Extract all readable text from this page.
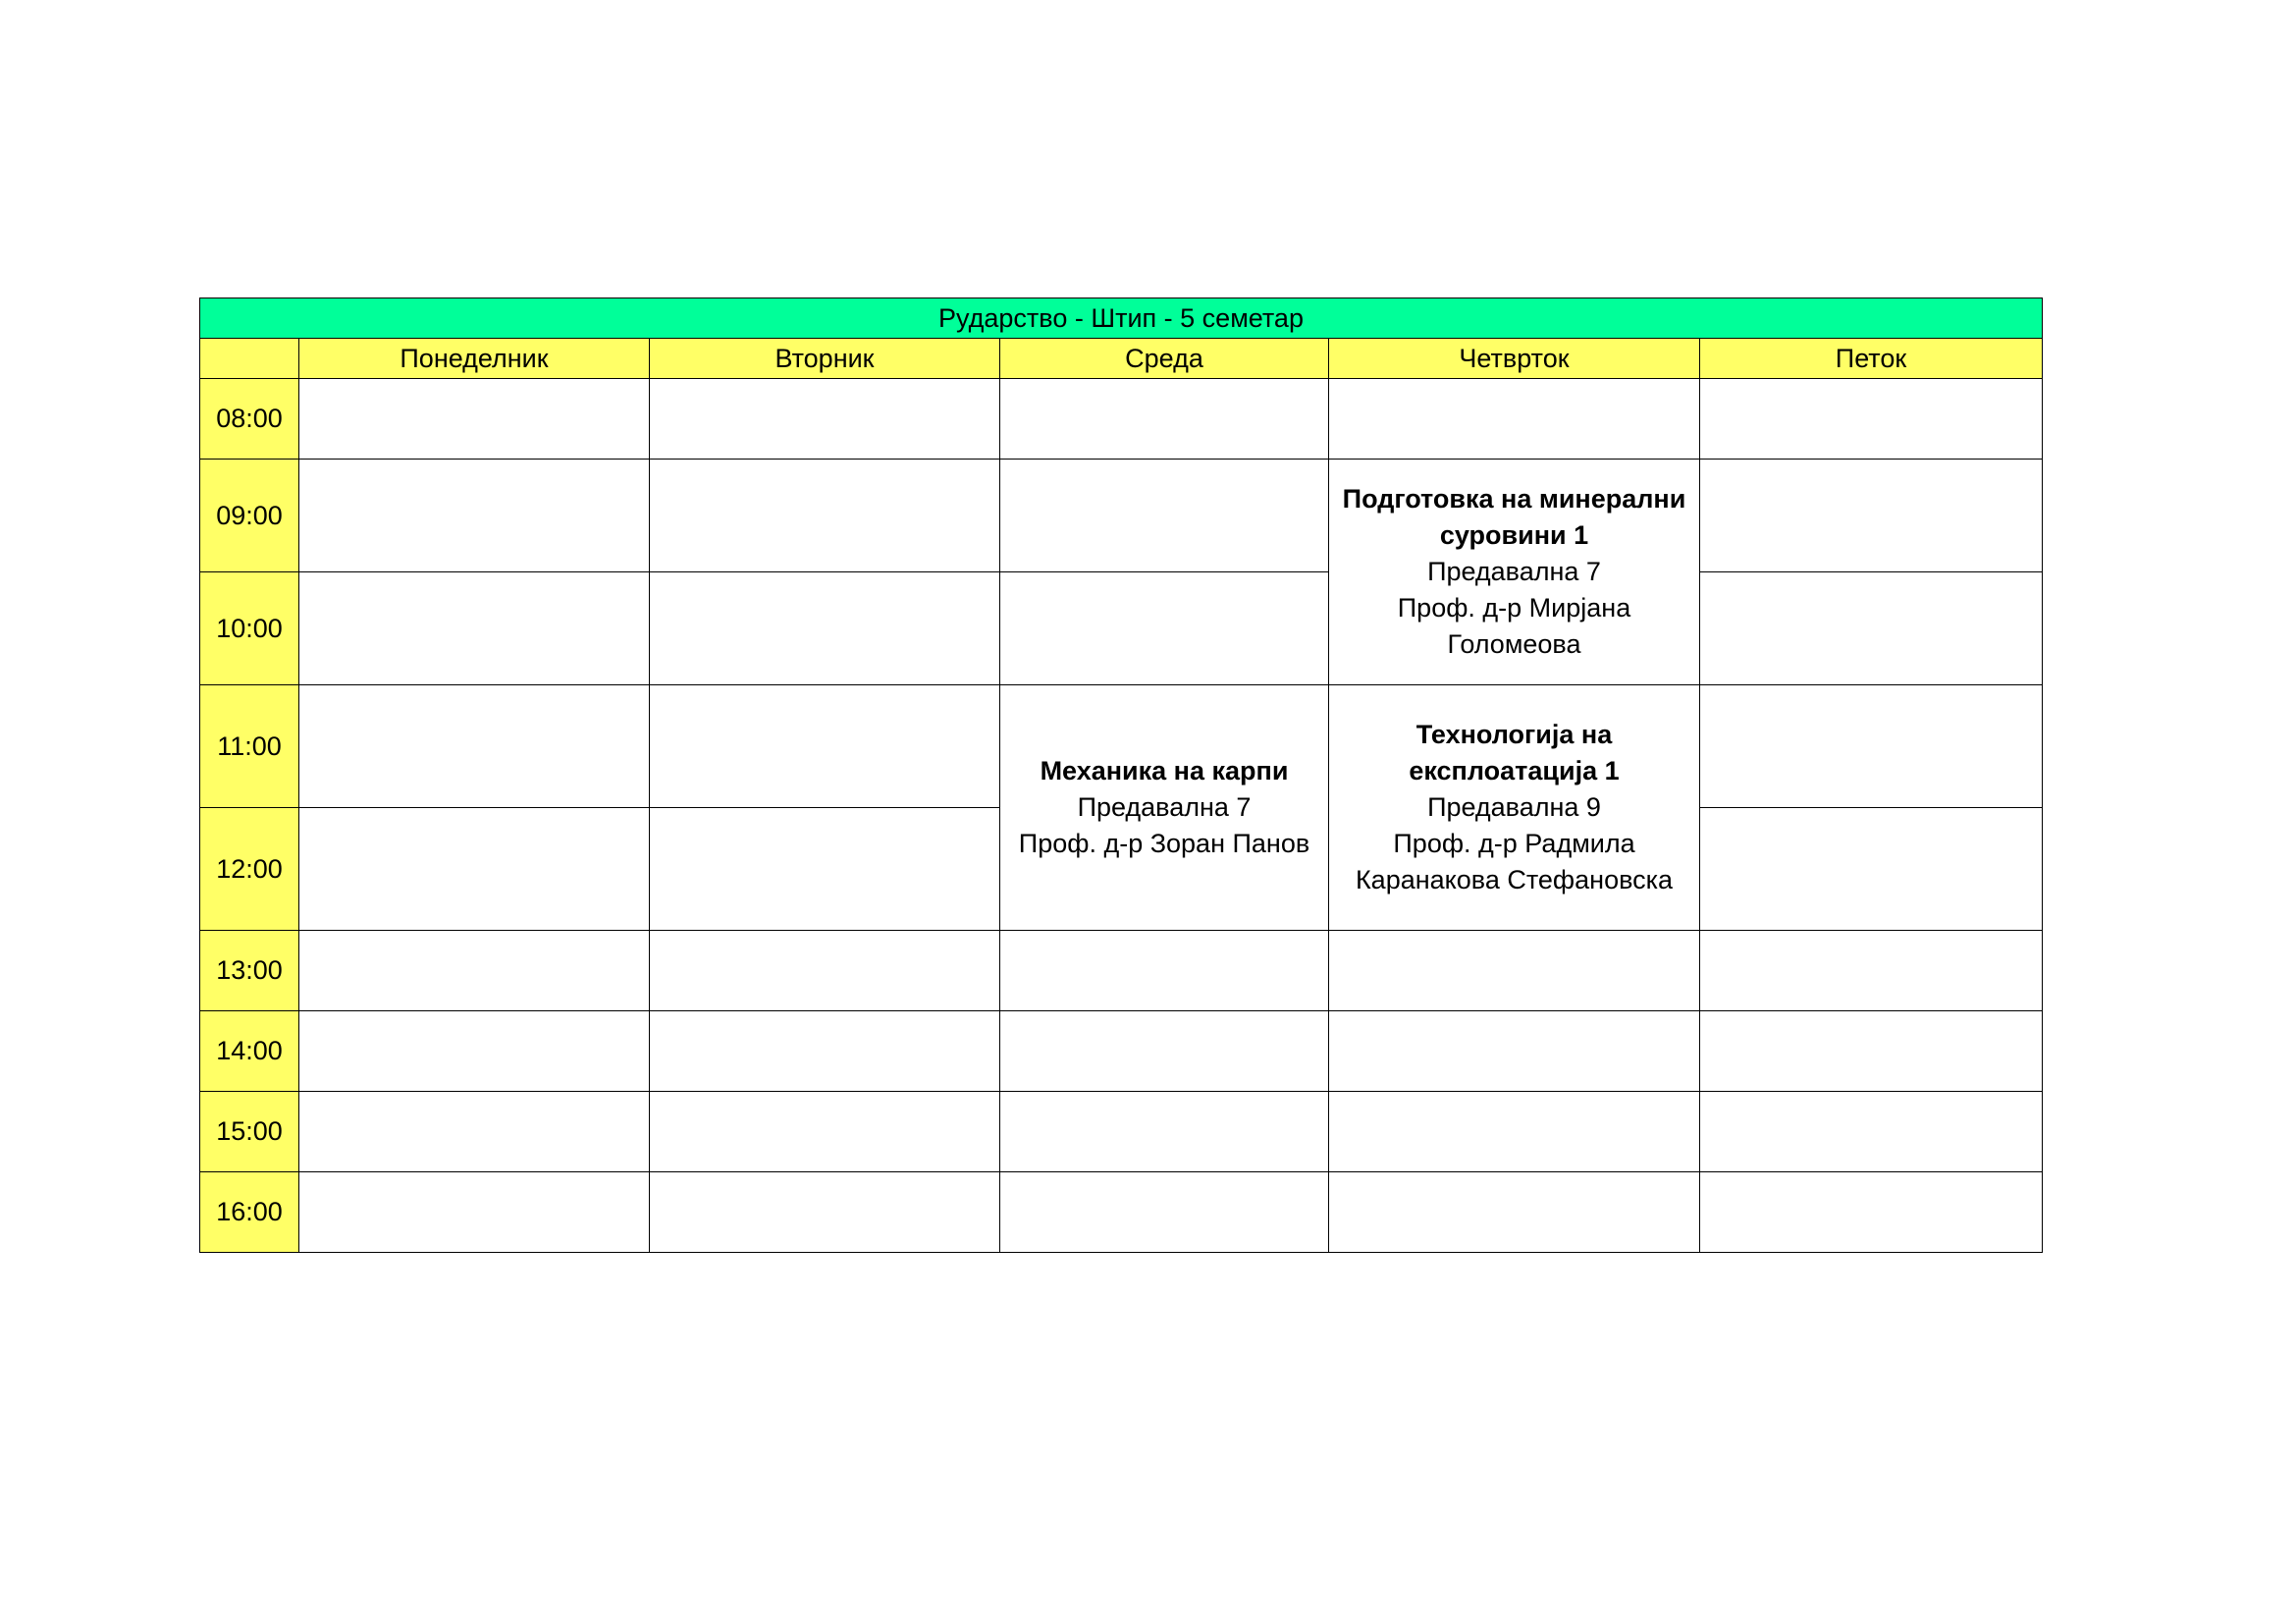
Рударство - Штип - 5 семетар					
	Понеделник	Вторник	Среда	Четврток	Петок
08:00					
09:00				Подготовка на минерални суровини 1
Предавална 7
Проф. д-р Мирјана Голомеова	

10:00					
11:00			Механика на карпи
Предавална 7
Проф. д-р Зоран Панов	Технологија на експлоатација 1
Предавална 9
Проф. д-р Радмила Каранакова Стефановска	

12:00					
13:00					
14:00					
15:00					
16:00					
